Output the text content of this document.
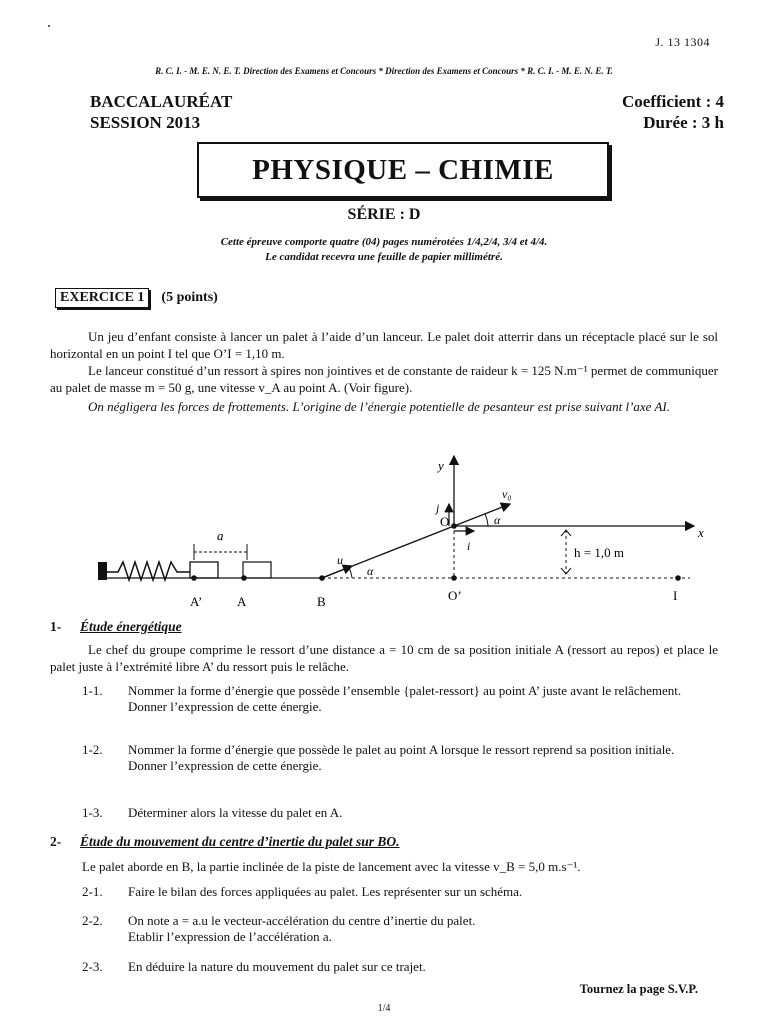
J. 13 1304
R. C. I. - M. E. N. E. T. Direction des Examens et Concours * Direction des Examens et Concours * R. C. I. - M. E. N. E. T.
BACCALAURÉAT
SESSION 2013
Coefficient : 4
Durée : 3 h
PHYSIQUE – CHIMIE
SÉRIE : D
Cette épreuve comporte quatre (04) pages numérotées 1/4,2/4, 3/4 et 4/4.
Le candidat recevra une feuille de papier millimétré.
EXERCICE 1	(5 points)
Un jeu d’enfant consiste à lancer un palet à l’aide d’un lanceur. Le palet doit atterrir dans un réceptacle placé sur le sol horizontal en un point I tel que O’I = 1,10 m.
Le lanceur constitué d’un ressort à spires non jointives et de constante de raideur k = 125 N.m⁻¹ permet de communiquer au palet de masse m = 50 g, une vitesse v_A au point A. (Voir figure).
On négligera les forces de frottements. L’origine de l’énergie potentielle de pesanteur est prise suivant l’axe AI.
a
A’	A	B	O’	I
u
α
O
y
j
x
i
v₀
α
h = 1,0 m
1- Étude énergétique
Le chef du groupe comprime le ressort d’une distance a = 10 cm de sa position initiale A (ressort au repos) et place le palet juste à l’extrémité libre A’ du ressort puis le relâche.
1-1.	Nommer la forme d’énergie que possède l’ensemble {palet-ressort} au point A’ juste avant le relâchement.
Donner l’expression de cette énergie.
1-2.	Nommer la forme d’énergie que possède le palet au point A lorsque le ressort reprend sa position initiale.
Donner l’expression de cette énergie.
1-3.	Déterminer alors la vitesse du palet en A.
2- Étude du mouvement du centre d’inertie du palet sur BO.
Le palet aborde en B, la partie inclinée de la piste de lancement avec la vitesse v_B = 5,0 m.s⁻¹.
2-1.	Faire le bilan des forces appliquées au palet. Les représenter sur un schéma.
2-2.	On note a = a.u le vecteur-accélération du centre d’inertie du palet.
Etablir l’expression de l’accélération a.
2-3.	En déduire la nature du mouvement du palet sur ce trajet.
Tournez la page S.V.P.
1/4
